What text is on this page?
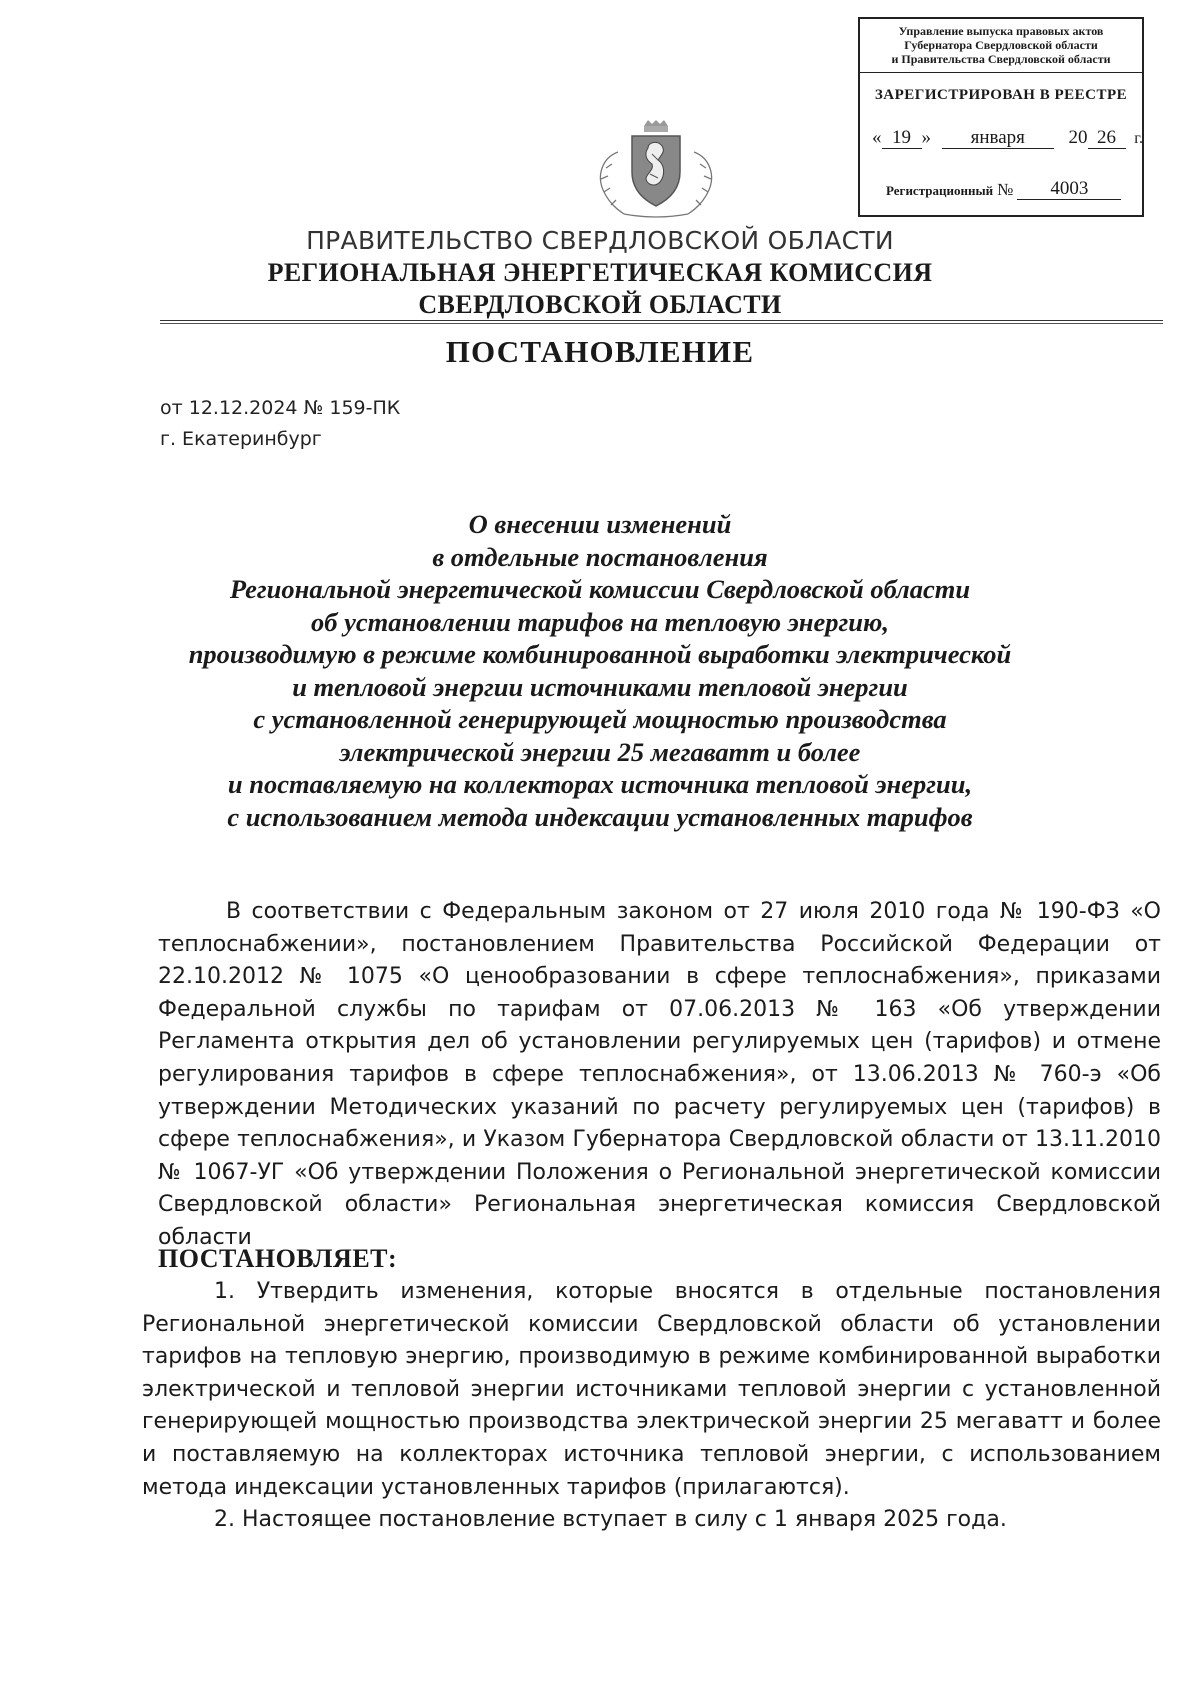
Управление выпуска правовых актов
Губернатора Свердловской области
и Правительства Свердловской области
ЗАРЕГИСТРИРОВАН В РЕЕСТРЕ
« 19 » января 20 26 г.
Регистрационный № 4003
ПРАВИТЕЛЬСТВО СВЕРДЛОВСКОЙ ОБЛАСТИ
РЕГИОНАЛЬНАЯ ЭНЕРГЕТИЧЕСКАЯ КОМИССИЯ
СВЕРДЛОВСКОЙ ОБЛАСТИ
ПОСТАНОВЛЕНИЕ
от 12.12.2024 № 159-ПК
г. Екатеринбург
О внесении изменений
в отдельные постановления
Региональной энергетической комиссии Свердловской области
об установлении тарифов на тепловую энергию,
производимую в режиме комбинированной выработки электрической
и тепловой энергии источниками тепловой энергии
с установленной генерирующей мощностью производства
электрической энергии 25 мегаватт и более
и поставляемую на коллекторах источника тепловой энергии,
с использованием метода индексации установленных тарифов
В соответствии с Федеральным законом от 27 июля 2010 года № 190-ФЗ «О теплоснабжении», постановлением Правительства Российской Федерации от 22.10.2012 № 1075 «О ценообразовании в сфере теплоснабжения», приказами Федеральной службы по тарифам от 07.06.2013 № 163 «Об утверждении Регламента открытия дел об установлении регулируемых цен (тарифов) и отмене регулирования тарифов в сфере теплоснабжения», от 13.06.2013 № 760-э «Об утверждении Методических указаний по расчету регулируемых цен (тарифов) в сфере теплоснабжения», и Указом Губернатора Свердловской области от 13.11.2010 № 1067-УГ «Об утверждении Положения о Региональной энергетической комиссии Свердловской области» Региональная энергетическая комиссия Свердловской области
ПОСТАНОВЛЯЕТ:
1. Утвердить изменения, которые вносятся в отдельные постановления Региональной энергетической комиссии Свердловской области об установлении тарифов на тепловую энергию, производимую в режиме комбинированной выработки электрической и тепловой энергии источниками тепловой энергии с установленной генерирующей мощностью производства электрической энергии 25 мегаватт и более и поставляемую на коллекторах источника тепловой энергии, с использованием метода индексации установленных тарифов (прилагаются).
2. Настоящее постановление вступает в силу с 1 января 2025 года.
